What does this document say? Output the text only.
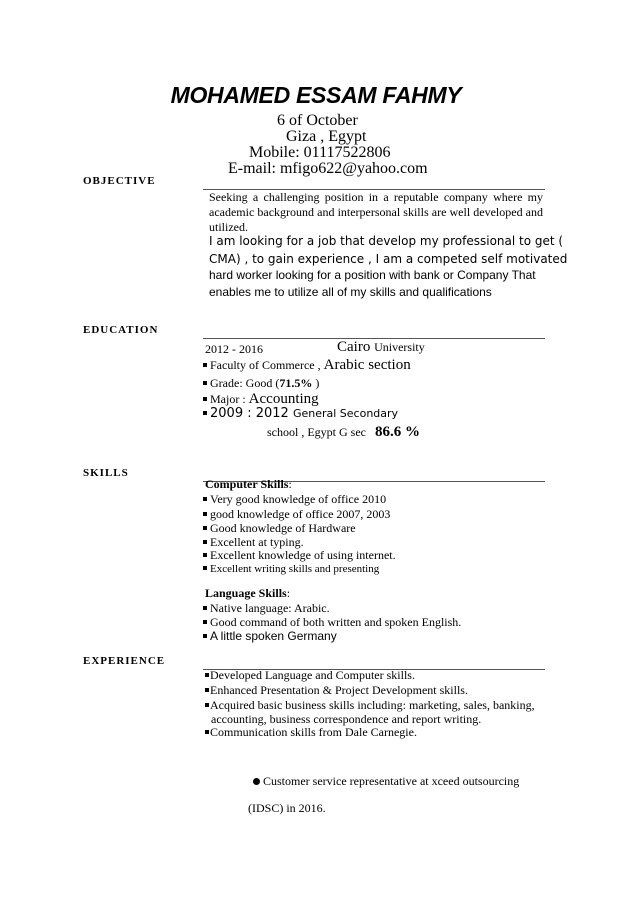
MOHAMED ESSAM FAHMY
6 of October
Giza , Egypt
Mobile: 01117522806
E-mail: mfigo622@yahoo.com
OBJECTIVE
Seeking a challenging position in a reputable company where my academic background and interpersonal skills are well developed and utilized.
I am looking for a job that develop my professional to get (
CMA) , to gain experience , I am a competed self motivated
hard worker looking for a position with bank or Company That
enables me to utilize all of my skills and qualifications
EDUCATION
2012 - 2016	Cairo University
Faculty of Commerce , Arabic section
Grade: Good (71.5% )
Major : Accounting
2009 : 2012 General Secondary
school , Egypt G sec 86.6 %
SKILLS
Computer Skills:
Very good knowledge of office 2010
good knowledge of office 2007, 2003
Good knowledge of Hardware
Excellent at typing.
Excellent knowledge of using internet.
Excellent writing skills and presenting
Language Skills:
Native language: Arabic.
Good command of both written and spoken English.
A little spoken Germany
EXPERIENCE
Developed Language and Computer skills.
Enhanced Presentation & Project Development skills.
Acquired basic business skills including: marketing, sales, banking,
accounting, business correspondence and report writing.
Communication skills from Dale Carnegie.
Customer service representative at xceed outsourcing
(IDSC) in 2016.
